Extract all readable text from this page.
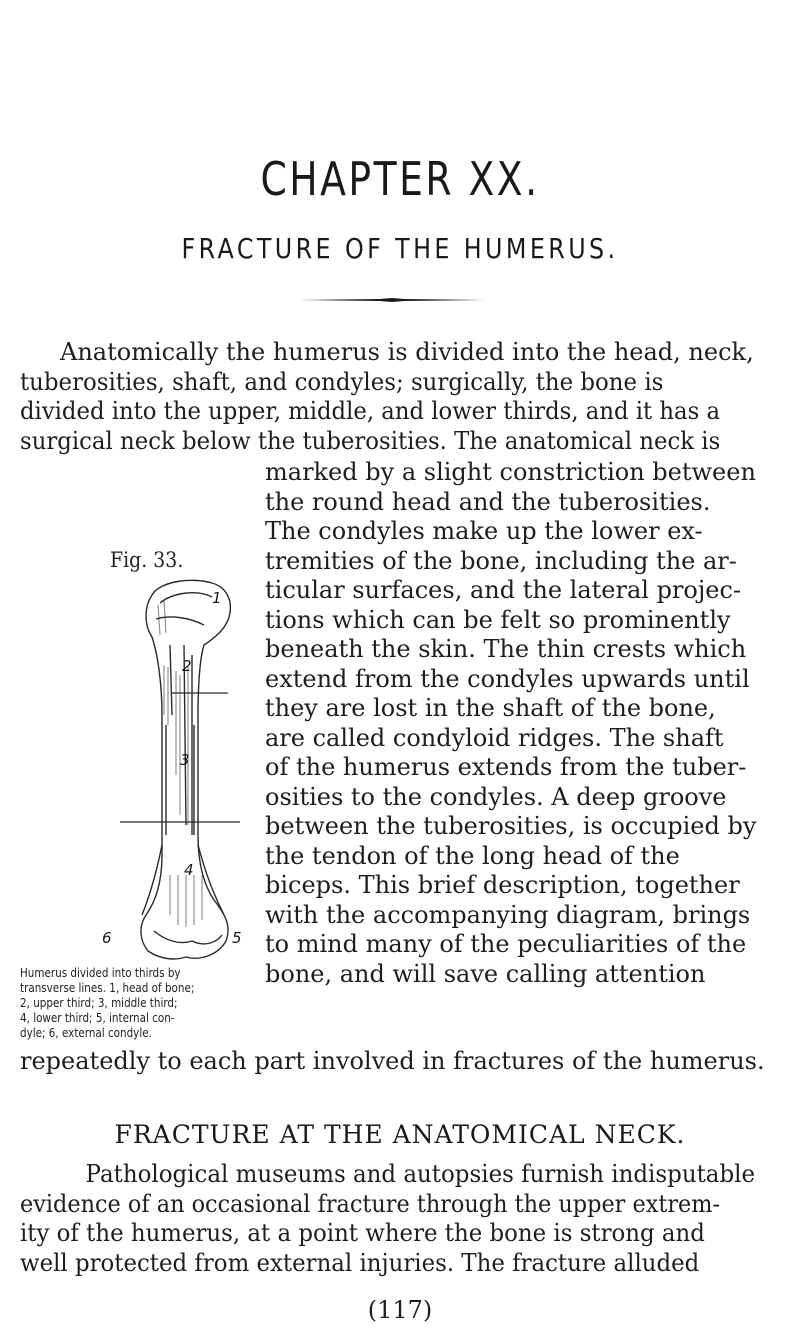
CHAPTER XX.
FRACTURE OF THE HUMERUS.
Anatomically the humerus is divided into the head, neck,
tuberosities, shaft, and condyles; surgically, the bone is
divided into the upper, middle, and lower thirds, and it has a
surgical neck below the tuberosities. The anatomical neck is
Fig. 33.
marked by a slight constriction between
the round head and the tuberosities.
The condyles make up the lower ex-
tremities of the bone, including the ar-
ticular surfaces, and the lateral projec-
tions which can be felt so prominently
beneath the skin. The thin crests which
extend from the condyles upwards until
they are lost in the shaft of the bone,
are called condyloid ridges. The shaft
of the humerus extends from the tuber-
osities to the condyles. A deep groove
between the tuberosities, is occupied by
the tendon of the long head of the
biceps. This brief description, together
with the accompanying diagram, brings
to mind many of the peculiarities of the
bone, and will save calling attention
repeatedly to each part involved in fractures of the humerus.
1
2
3
4
5
6
Humerus divided into thirds by
transverse lines. 1, head of bone;
2, upper third; 3, middle third;
4, lower third; 5, internal con-
dyle; 6, external condyle.
FRACTURE AT THE ANATOMICAL NECK.
Pathological museums and autopsies furnish indisputable
evidence of an occasional fracture through the upper extrem-
ity of the humerus, at a point where the bone is strong and
well protected from external injuries. The fracture alluded
(117)
